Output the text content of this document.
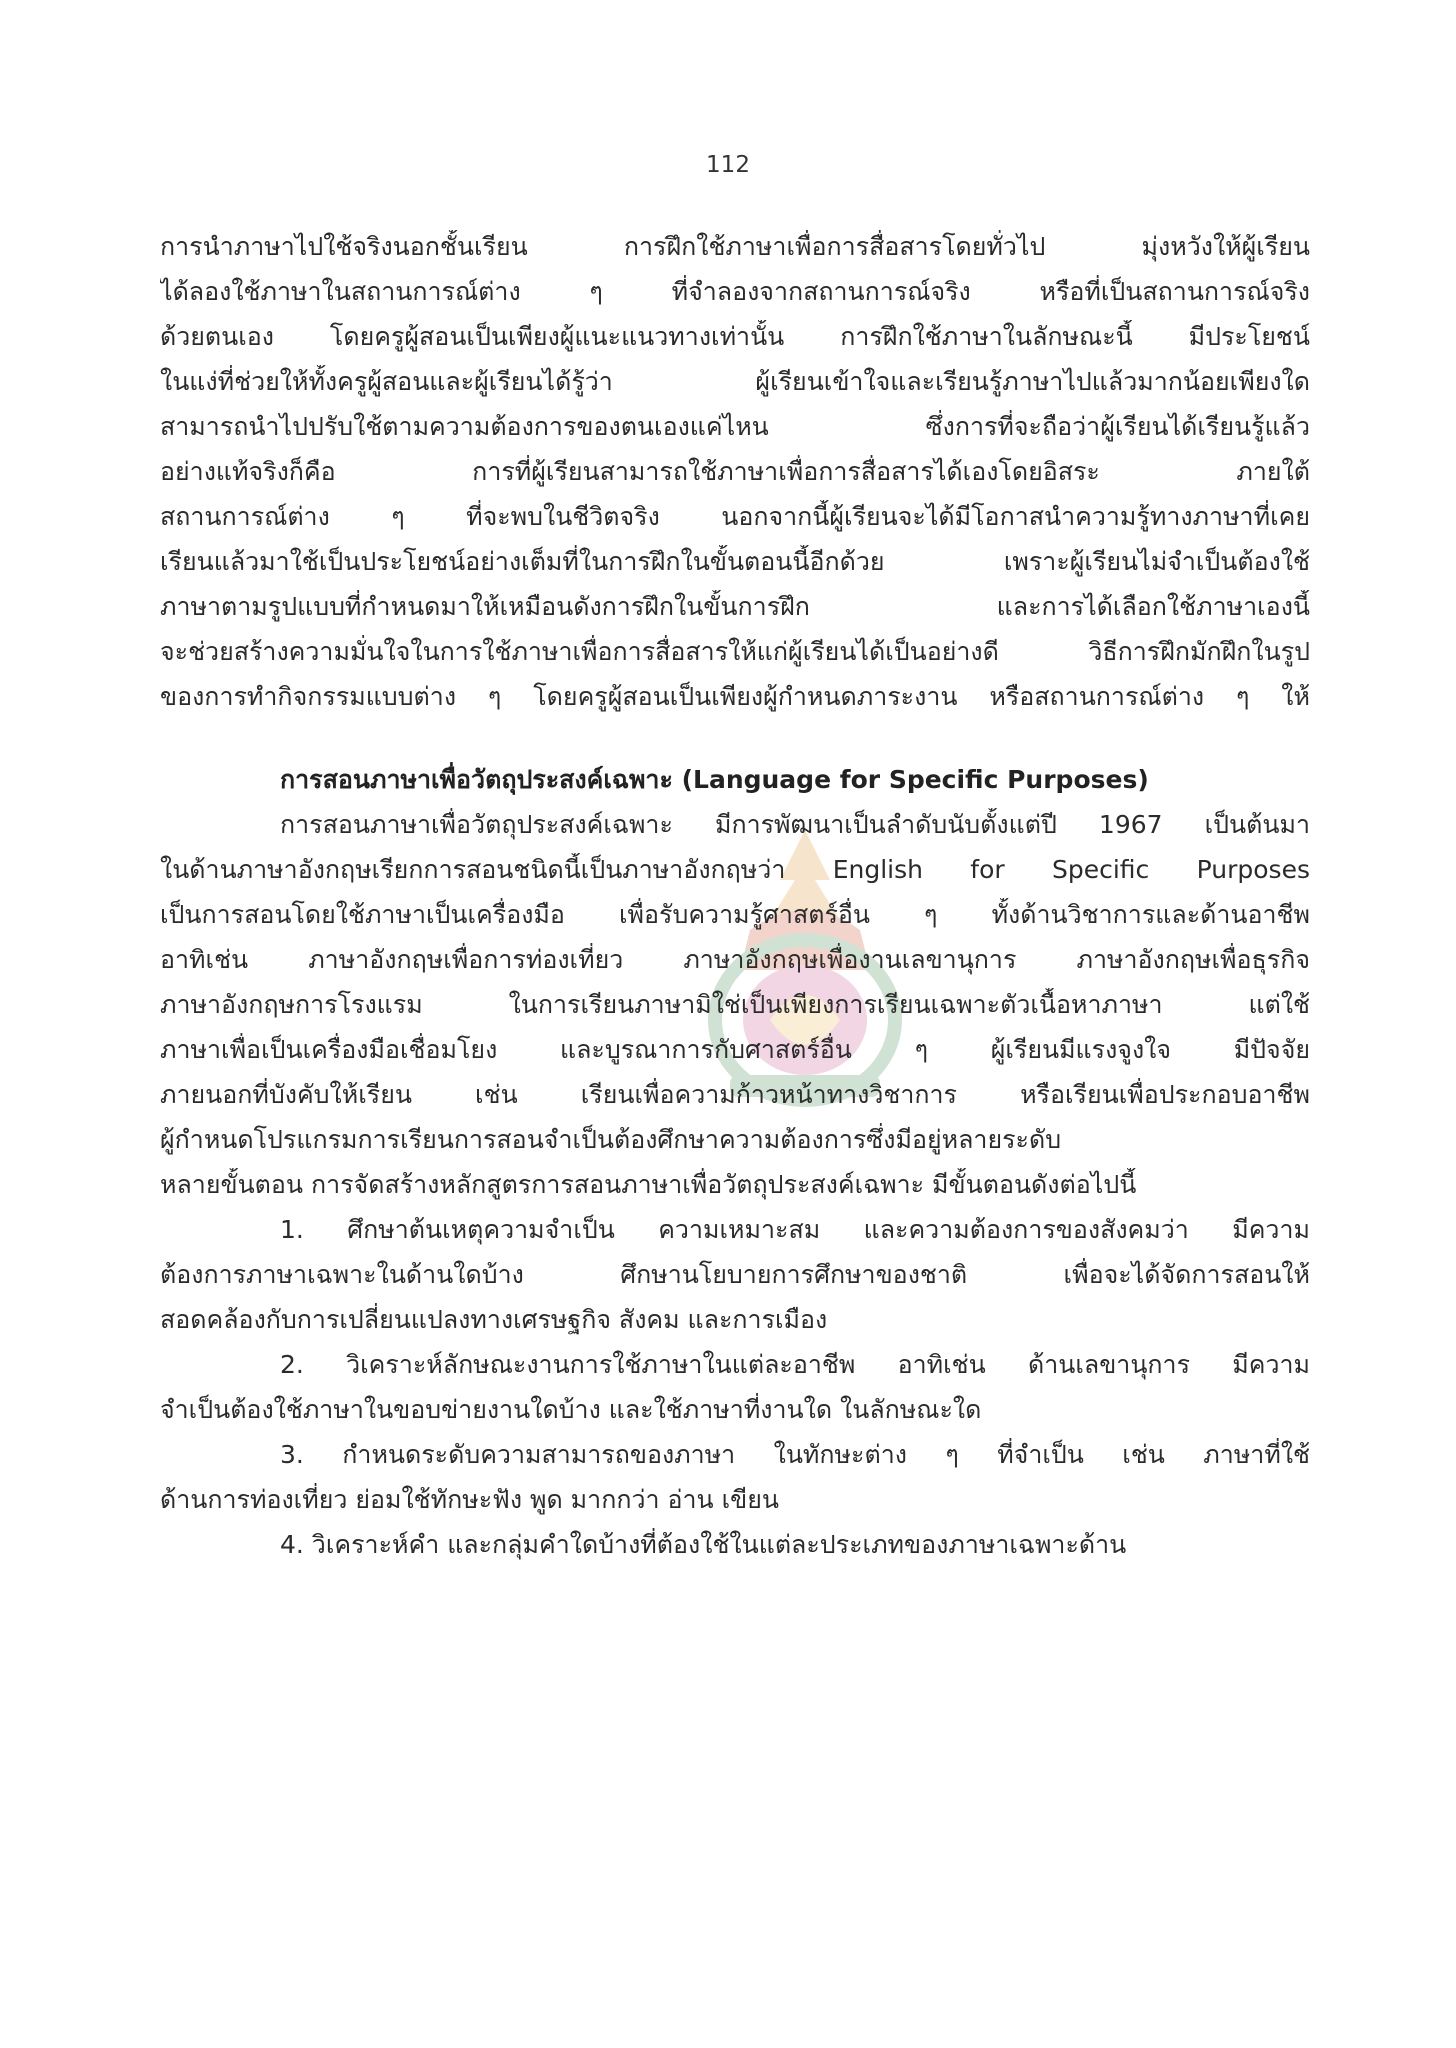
112
การนำภาษาไปใช้จริงนอกชั้นเรียน การฝึกใช้ภาษาเพื่อการสื่อสารโดยทั่วไป มุ่งหวังให้ผู้เรียน
ได้ลองใช้ภาษาในสถานการณ์ต่าง ๆ ที่จำลองจากสถานการณ์จริง หรือที่เป็นสถานการณ์จริง
ด้วยตนเอง โดยครูผู้สอนเป็นเพียงผู้แนะแนวทางเท่านั้น การฝึกใช้ภาษาในลักษณะนี้ มีประโยชน์
ในแง่ที่ช่วยให้ทั้งครูผู้สอนและผู้เรียนได้รู้ว่า ผู้เรียนเข้าใจและเรียนรู้ภาษาไปแล้วมากน้อยเพียงใด
สามารถนำไปปรับใช้ตามความต้องการของตนเองแค่ไหน ซึ่งการที่จะถือว่าผู้เรียนได้เรียนรู้แล้ว
อย่างแท้จริงก็คือ การที่ผู้เรียนสามารถใช้ภาษาเพื่อการสื่อสารได้เองโดยอิสระ ภายใต้
สถานการณ์ต่าง ๆ ที่จะพบในชีวิตจริง นอกจากนี้ผู้เรียนจะได้มีโอกาสนำความรู้ทางภาษาที่เคย
เรียนแล้วมาใช้เป็นประโยชน์อย่างเต็มที่ในการฝึกในขั้นตอนนี้อีกด้วย เพราะผู้เรียนไม่จำเป็นต้องใช้
ภาษาตามรูปแบบที่กำหนดมาให้เหมือนดังการฝึกในขั้นการฝึก และการได้เลือกใช้ภาษาเองนี้
จะช่วยสร้างความมั่นใจในการใช้ภาษาเพื่อการสื่อสารให้แก่ผู้เรียนได้เป็นอย่างดี วิธีการฝึกมักฝึกในรูป
ของการทำกิจกรรมแบบต่าง ๆ โดยครูผู้สอนเป็นเพียงผู้กำหนดภาระงาน หรือสถานการณ์ต่าง ๆ ให้
การสอนภาษาเพื่อวัตถุประสงค์เฉพาะ (Language for Specific Purposes)
การสอนภาษาเพื่อวัตถุประสงค์เฉพาะ มีการพัฒนาเป็นลำดับนับตั้งแต่ปี 1967 เป็นต้นมา
ในด้านภาษาอังกฤษเรียกการสอนชนิดนี้เป็นภาษาอังกฤษว่า English for Specific Purposes
เป็นการสอนโดยใช้ภาษาเป็นเครื่องมือ เพื่อรับความรู้ศาสตร์อื่น ๆ ทั้งด้านวิชาการและด้านอาชีพ
อาทิเช่น ภาษาอังกฤษเพื่อการท่องเที่ยว ภาษาอังกฤษเพื่องานเลขานุการ ภาษาอังกฤษเพื่อธุรกิจ
ภาษาอังกฤษการโรงแรม ในการเรียนภาษามิใช่เป็นเพียงการเรียนเฉพาะตัวเนื้อหาภาษา แต่ใช้
ภาษาเพื่อเป็นเครื่องมือเชื่อมโยง และบูรณาการกับศาสตร์อื่น ๆ ผู้เรียนมีแรงจูงใจ มีปัจจัย
ภายนอกที่บังคับให้เรียน เช่น เรียนเพื่อความก้าวหน้าทางวิชาการ หรือเรียนเพื่อประกอบอาชีพ
ผู้กำหนดโปรแกรมการเรียนการสอนจำเป็นต้องศึกษาความต้องการซึ่งมีอยู่หลายระดับ
หลายขั้นตอน การจัดสร้างหลักสูตรการสอนภาษาเพื่อวัตถุประสงค์เฉพาะ มีขั้นตอนดังต่อไปนี้
1. ศึกษาต้นเหตุความจำเป็น ความเหมาะสม และความต้องการของสังคมว่า มีความ
ต้องการภาษาเฉพาะในด้านใดบ้าง ศึกษานโยบายการศึกษาของชาติ เพื่อจะได้จัดการสอนให้
สอดคล้องกับการเปลี่ยนแปลงทางเศรษฐกิจ สังคม และการเมือง
2. วิเคราะห์ลักษณะงานการใช้ภาษาในแต่ละอาชีพ อาทิเช่น ด้านเลขานุการ มีความ
จำเป็นต้องใช้ภาษาในขอบข่ายงานใดบ้าง และใช้ภาษาที่งานใด ในลักษณะใด
3. กำหนดระดับความสามารถของภาษา ในทักษะต่าง ๆ ที่จำเป็น เช่น ภาษาที่ใช้
ด้านการท่องเที่ยว ย่อมใช้ทักษะฟัง พูด มากกว่า อ่าน เขียน
4. วิเคราะห์คำ และกลุ่มคำใดบ้างที่ต้องใช้ในแต่ละประเภทของภาษาเฉพาะด้าน
